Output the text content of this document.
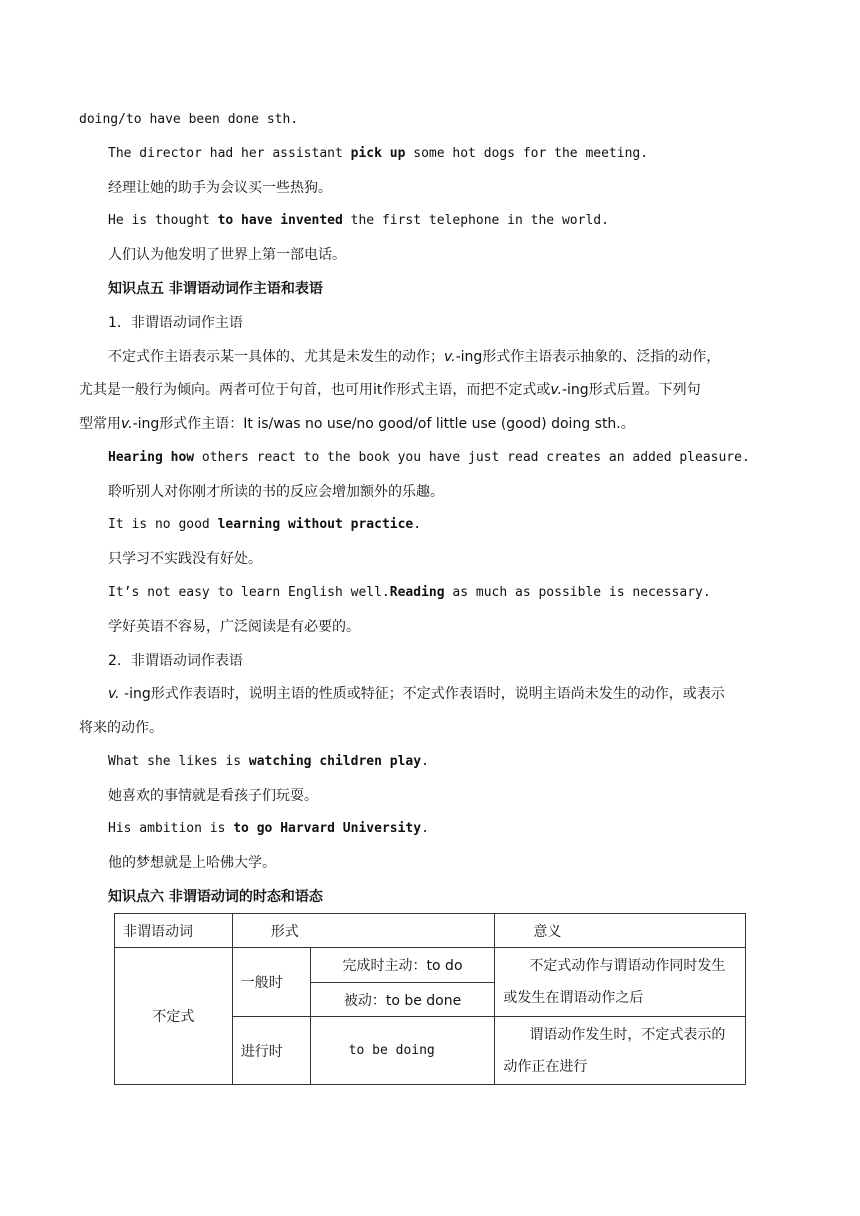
doing/to have been done sth.
The director had her assistant pick up some hot dogs for the meeting.
经理让她的助手为会议买一些热狗。
He is thought to have invented the first telephone in the world.
人们认为他发明了世界上第一部电话。
知识点五 非谓语动词作主语和表语
1．非谓语动词作主语
不定式作主语表示某一具体的、尤其是未发生的动作；v.-ing形式作主语表示抽象的、泛指的动作，
尤其是一般行为倾向。两者可位于句首，也可用it作形式主语，而把不定式或v.-ing形式后置。下列句
型常用v.-ing形式作主语：It is/was no use/no good/of little use (good) doing sth.。
Hearing how others react to the book you have just read creates an added pleasure.
聆听别人对你刚才所读的书的反应会增加额外的乐趣。
It is no good learning without practice.
只学习不实践没有好处。
It’s not easy to learn English well.Reading as much as possible is necessary.
学好英语不容易，广泛阅读是有必要的。
2．非谓语动词作表语
v. -ing形式作表语时，说明主语的性质或特征；不定式作表语时，说明主语尚未发生的动作，或表示
将来的动作。
What she likes is watching children play.
她喜欢的事情就是看孩子们玩耍。
His ambition is to go Harvard University.
他的梦想就是上哈佛大学。
知识点六 非谓语动词的时态和语态
非谓语动词	形式		意义
不定式	一般时	完成时主动：to do	不定式动作与谓语动作同时发生或发生在谓语动作之后

		被动：to be done	
	进行时	to be doing	谓语动作发生时，不定式表示的动作正在进行
